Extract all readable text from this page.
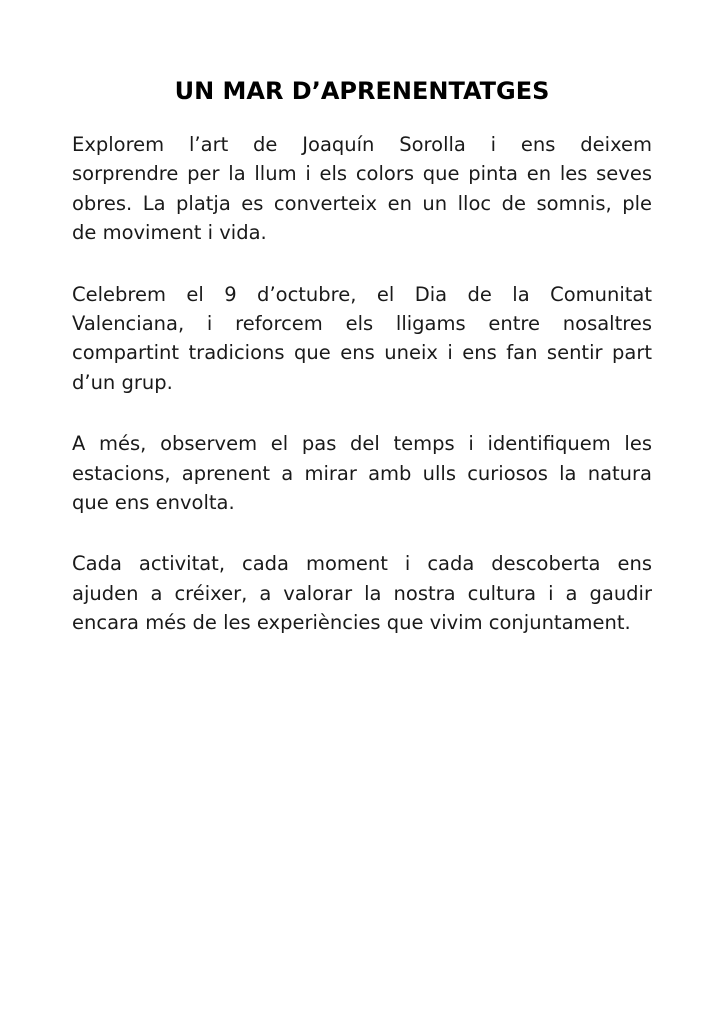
UN MAR D’APRENENTATGES

Explorem l’art de Joaquín Sorolla i ens deixem
sorprendre per la llum i els colors que pinta en les seves
obres. La platja es converteix en un lloc de somnis, ple
de moviment i vida.

Celebrem el 9 d’octubre, el Dia de la Comunitat
Valenciana, i reforcem els lligams entre nosaltres
compartint tradicions que ens uneix i ens fan sentir part
d’un grup.

A més, observem el pas del temps i identifiquem les
estacions, aprenent a mirar amb ulls curiosos la natura
que ens envolta.

Cada activitat, cada moment i cada descoberta ens
ajuden a créixer, a valorar la nostra cultura i a gaudir
encara més de les experiències que vivim conjuntament.
